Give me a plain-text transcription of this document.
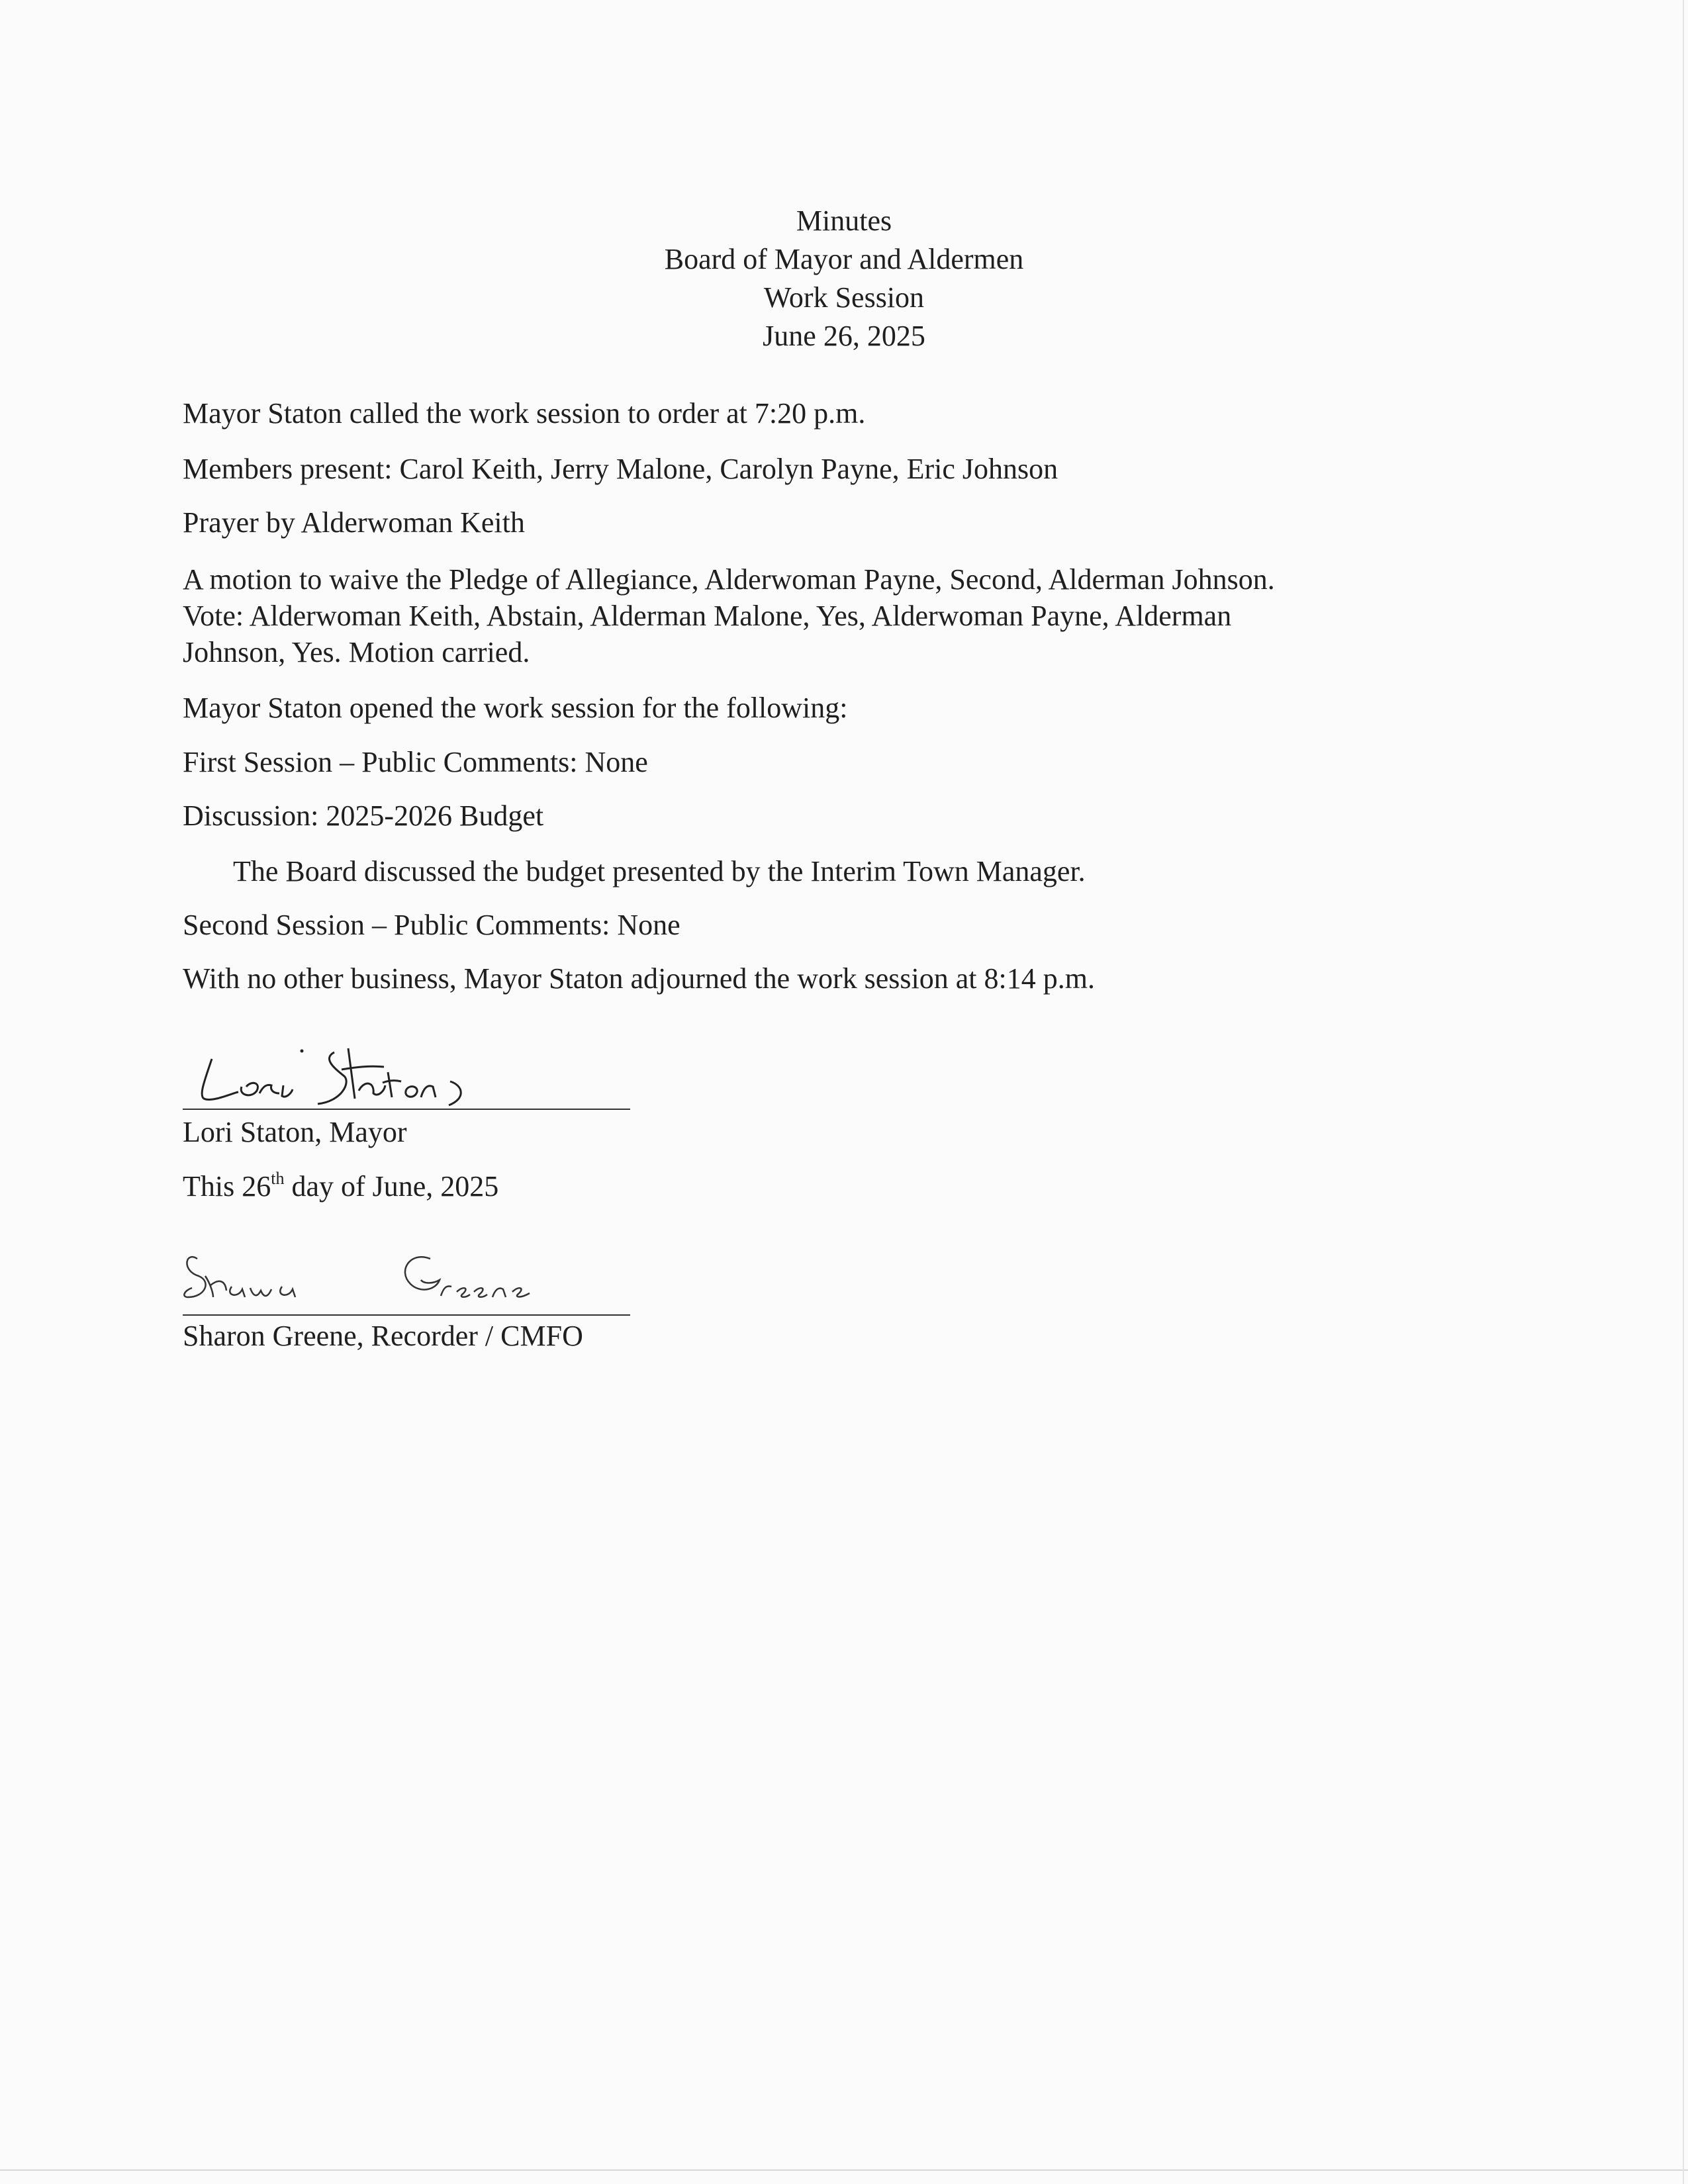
Minutes
Board of Mayor and Aldermen
Work Session
June 26, 2025
Mayor Staton called the work session to order at 7:20 p.m.
Members present: Carol Keith, Jerry Malone, Carolyn Payne, Eric Johnson
Prayer by Alderwoman Keith
A motion to waive the Pledge of Allegiance, Alderwoman Payne, Second, Alderman Johnson.
Vote: Alderwoman Keith, Abstain, Alderman Malone, Yes, Alderwoman Payne, Alderman
Johnson, Yes. Motion carried.
Mayor Staton opened the work session for the following:
First Session – Public Comments: None
Discussion: 2025-2026 Budget
The Board discussed the budget presented by the Interim Town Manager.
Second Session – Public Comments: None
With no other business, Mayor Staton adjourned the work session at 8:14 p.m.
Lori Staton, Mayor
This 26th day of June, 2025
Sharon Greene, Recorder / CMFO
